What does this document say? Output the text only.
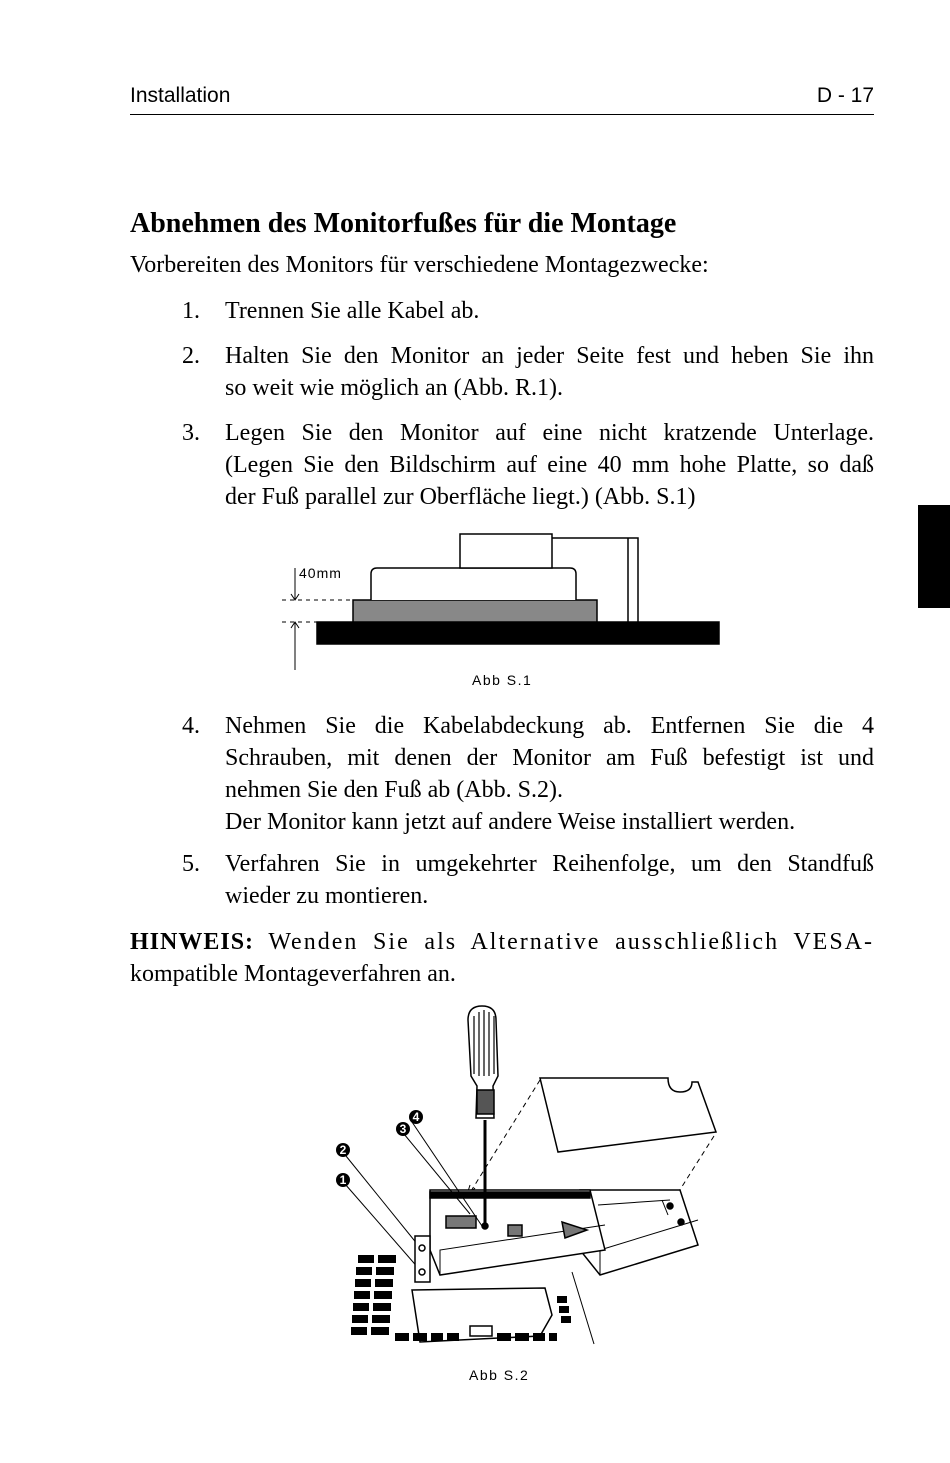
Installation	D - 17
Abnehmen des Monitorfußes für die Montage
Vorbereiten des Monitors für verschiedene Montagezwecke:
1. Trennen Sie alle Kabel ab.
2. Halten Sie den Monitor an jeder Seite fest und heben Sie ihn
so weit wie möglich an (Abb. R.1).
3. Legen Sie den Monitor auf eine nicht kratzende Unterlage.
(Legen Sie den Bildschirm auf eine 40 mm hohe Platte, so daß
der Fuß parallel zur Oberfläche liegt.) (Abb. S.1)
40mm
Abb S.1
4. Nehmen Sie die Kabelabdeckung ab. Entfernen Sie die 4
Schrauben, mit denen der Monitor am Fuß befestigt ist und
nehmen Sie den Fuß ab (Abb. S.2).
Der Monitor kann jetzt auf andere Weise installiert werden.
5. Verfahren Sie in umgekehrter Reihenfolge, um den Standfuß
wieder zu montieren.
HINWEIS: Wenden Sie als Alternative ausschließlich VESA-
kompatible Montageverfahren an.
1
2
3
4
Abb S.2
